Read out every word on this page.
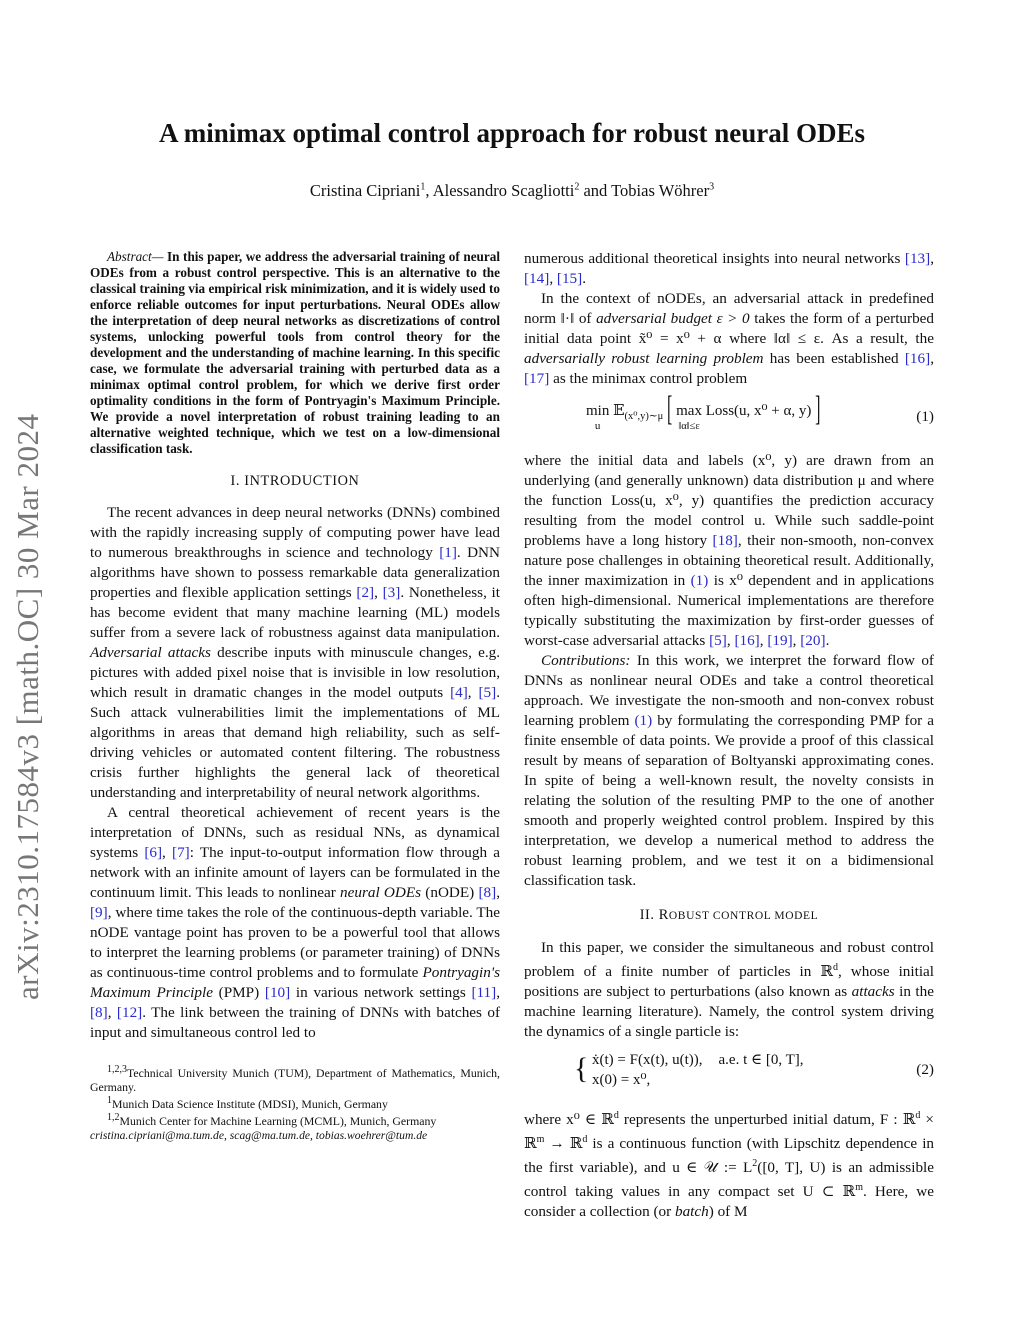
arXiv:2310.17584v3 [math.OC] 30 Mar 2024
A minimax optimal control approach for robust neural ODEs
Cristina Cipriani$^1$, Alessandro Scagliotti$^2$ and Tobias Wöhrer$^3$

Abstract— In this paper, we address the adversarial training of neural ODEs from a robust control perspective. This is an alternative to the classical training via empirical risk minimization, and it is widely used to enforce reliable outcomes for input perturbations. Neural ODEs allow the interpretation of deep neural networks as discretizations of control systems, unlocking powerful tools from control theory for the development and the understanding of machine learning. In this specific case, we formulate the adversarial training with perturbed data as a minimax optimal control problem, for which we derive first order optimality conditions in the form of Pontryagin's Maximum Principle. We provide a novel interpretation of robust training leading to an alternative weighted technique, which we test on a low-dimensional classification task.

I. INTRODUCTION

The recent advances in deep neural networks (DNNs) combined with the rapidly increasing supply of computing power have lead to numerous breakthroughs in science and technology [1]. DNN algorithms have shown to possess remarkable data generalization properties and flexible application settings [2], [3]. Nonetheless, it has become evident that many machine learning (ML) models suffer from a severe lack of robustness against data manipulation. Adversarial attacks describe inputs with minuscule changes, e.g. pictures with added pixel noise that is invisible in low resolution, which result in dramatic changes in the model outputs [4], [5]. Such attack vulnerabilities limit the implementations of ML algorithms in areas that demand high reliability, such as self-driving vehicles or automated content filtering. The robustness crisis further highlights the general lack of theoretical understanding and interpretability of neural network algorithms.

A central theoretical achievement of recent years is the interpretation of DNNs, such as residual NNs, as dynamical systems [6], [7]: The input-to-output information flow through a network with an infinite amount of layers can be formulated in the continuum limit. This leads to nonlinear neural ODEs (nODE) [8], [9], where time takes the role of the continuous-depth variable. The nODE vantage point has proven to be a powerful tool that allows to interpret the learning problems (or parameter training) of DNNs as continuous-time control problems and to formulate Pontryagin's Maximum Principle (PMP) [10] in various network settings [11], [8], [12]. The link between the training of DNNs with batches of input and simultaneous control led to

$^{1,2,3}$Technical University Munich (TUM), Department of Mathematics, Munich, Germany.

$^1$Munich Data Science Institute (MDSI), Munich, Germany

$^{1,2}$Munich Center for Machine Learning (MCML), Munich, Germany

cristina.cipriani@ma.tum.de, scag@ma.tum.de, tobias.woehrer@tum.de

numerous additional theoretical insights into neural networks [13], [14], [15].

In the context of nODEs, an adversarial attack in predefined norm ‖·‖ of adversarial budget ε > 0 takes the form of a perturbed initial data point x̃⁰ = x⁰ + α where ‖α‖ ≤ ε. As a result, the adversarially robust learning problem has been established [16], [17] as the minimax control problem

min
$^u$ 𝔼$_{(x^0,y)\sim\mu}$ [ max
$^{‖\alpha‖\le\varepsilon}$ Loss(u, x⁰ + α, y) ]	(1)

where the initial data and labels (x⁰, y) are drawn from an underlying (and generally unknown) data distribution μ and where the function Loss(u, x⁰, y) quantifies the prediction accuracy resulting from the model control u. While such saddle-point problems have a long history [18], their non-smooth, non-convex nature pose challenges in obtaining theoretical result. Additionally, the inner maximization in (1) is x⁰ dependent and in applications often high-dimensional. Numerical implementations are therefore typically substituting the maximization by first-order guesses of worst-case adversarial attacks [5], [16], [19], [20].

Contributions: In this work, we interpret the forward flow of DNNs as nonlinear neural ODEs and take a control theoretical approach. We investigate the non-smooth and non-convex robust learning problem (1) by formulating the corresponding PMP for a finite ensemble of data points. We provide a proof of this classical result by means of separation of Boltyanski approximating cones. In spite of being a well-known result, the novelty consists in relating the solution of the resulting PMP to the one of another smooth and properly weighted control problem. Inspired by this interpretation, we develop a numerical method to address the robust learning problem, and we test it on a bidimensional classification task.

II. ROBUST CONTROL MODEL

In this paper, we consider the simultaneous and robust control problem of a finite number of particles in ℝ$^d$, whose initial positions are subject to perturbations (also known as attacks in the machine learning literature). Namely, the control system driving the dynamics of a single particle is:

{ ẋ(t) = F(x(t), u(t)), a.e. t ∈ [0, T],
x(0) = x⁰,
(2)

where x⁰ ∈ ℝ$^d$ represents the unperturbed initial datum, F : ℝ$^d$ × ℝ$^m$ → ℝ$^d$ is a continuous function (with Lipschitz dependence in the first variable), and u ∈ 𝒰 := $L^2([0$, T], U) is an admissible control taking values in any compact set U ⊂ ℝ$^m$. Here, we consider a collection (or batch) of M
